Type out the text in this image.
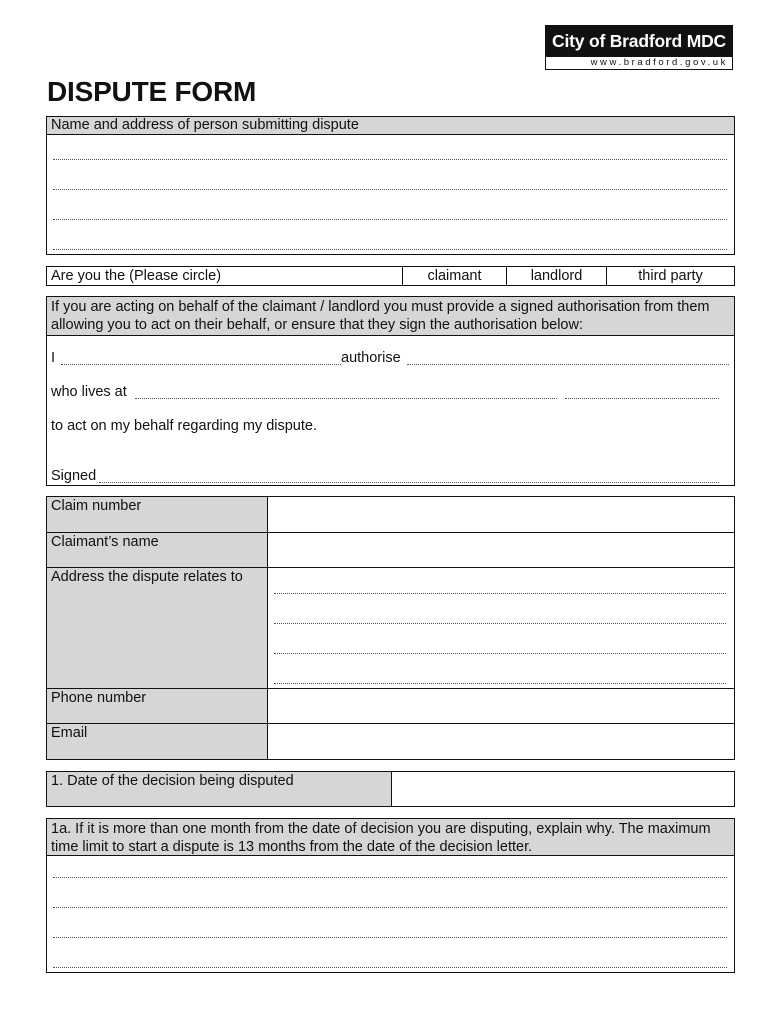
City of Bradford MDC
www.bradford.gov.uk
DISPUTE FORM
Name and address of person submitting dispute
Are you the (Please circle)	claimant	landlord	third party
If you are acting on behalf of the claimant / landlord you must provide a signed authorisation from them allowing you to act on their behalf, or ensure that they sign the authorisation below:
I	authorise
who lives at
to act on my behalf regarding my dispute.
Signed
Claim number
Claimant’s name
Address the dispute relates to
Phone number
Email
1. Date of the decision being disputed
1a. If it is more than one month from the date of decision you are disputing, explain why. The maximum time limit to start a dispute is 13 months from the date of the decision letter.
